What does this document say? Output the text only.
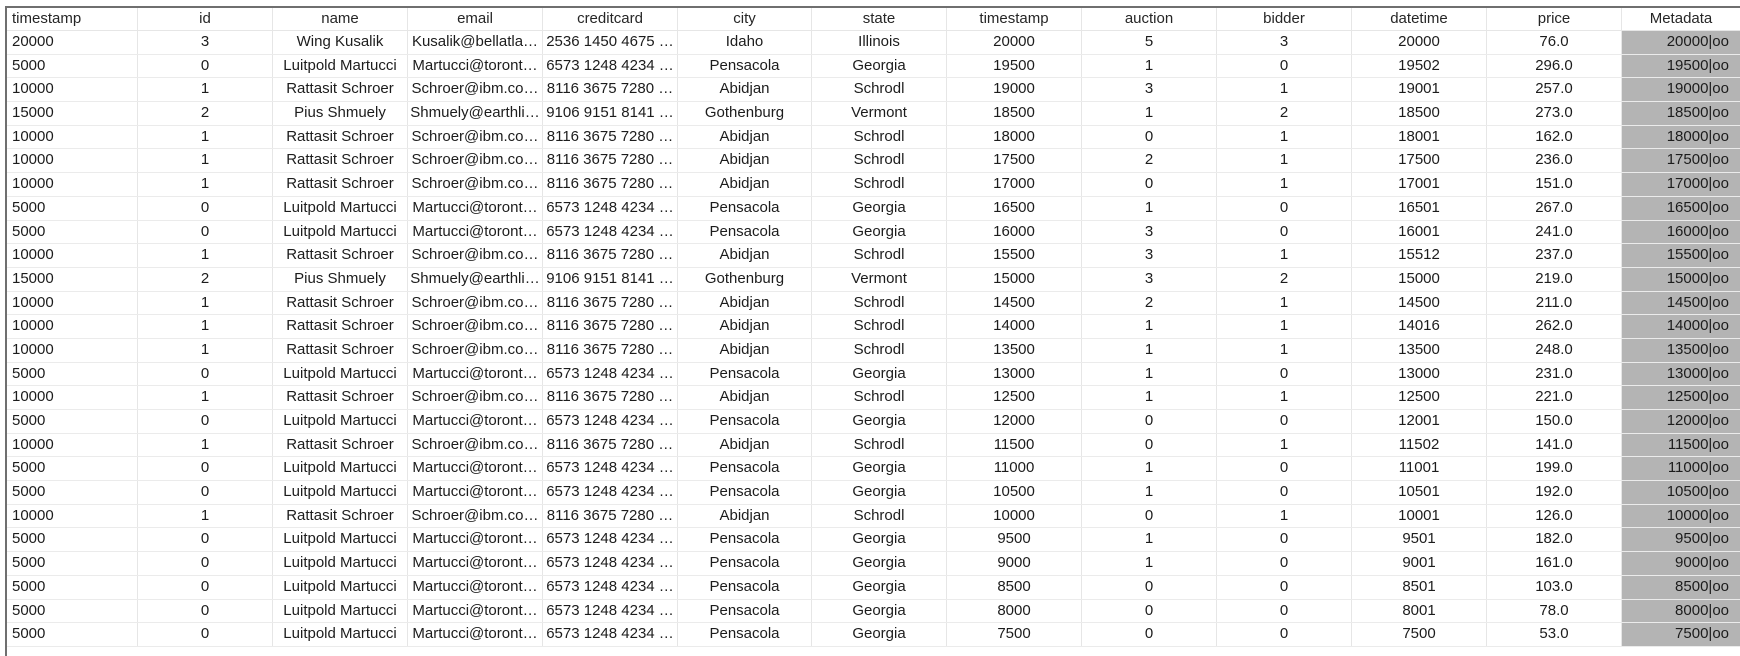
timestamp	id	name	email	creditcard	city	state	timestamp	auction	bidder	datetime	price	Metadata
20000	3	Wing Kusalik	Kusalik@bellatla… 2536 1450 4675 …	Idaho	Illinois	20000	5	3	20000	76.0	20000|oo
5000	0	Luitpold Martucci	Martucci@toront… 6573 1248 4234 …	Pensacola	Georgia	19500	1	0	19502	296.0	19500|oo
10000	1	Rattasit Schroer	Schroer@ibm.co… 8116 3675 7280 …	Abidjan	Schrodl	19000	3	1	19001	257.0	19000|oo
15000	2	Pius Shmuely	Shmuely@earthli… 9106 9151 8141 …	Gothenburg	Vermont	18500	1	2	18500	273.0	18500|oo
10000	1	Rattasit Schroer	Schroer@ibm.co… 8116 3675 7280 …	Abidjan	Schrodl	18000	0	1	18001	162.0	18000|oo
10000	1	Rattasit Schroer	Schroer@ibm.co… 8116 3675 7280 …	Abidjan	Schrodl	17500	2	1	17500	236.0	17500|oo
10000	1	Rattasit Schroer	Schroer@ibm.co… 8116 3675 7280 …	Abidjan	Schrodl	17000	0	1	17001	151.0	17000|oo
5000	0	Luitpold Martucci	Martucci@toront… 6573 1248 4234 …	Pensacola	Georgia	16500	1	0	16501	267.0	16500|oo
5000	0	Luitpold Martucci	Martucci@toront… 6573 1248 4234 …	Pensacola	Georgia	16000	3	0	16001	241.0	16000|oo
10000	1	Rattasit Schroer	Schroer@ibm.co… 8116 3675 7280 …	Abidjan	Schrodl	15500	3	1	15512	237.0	15500|oo
15000	2	Pius Shmuely	Shmuely@earthli… 9106 9151 8141 …	Gothenburg	Vermont	15000	3	2	15000	219.0	15000|oo
10000	1	Rattasit Schroer	Schroer@ibm.co… 8116 3675 7280 …	Abidjan	Schrodl	14500	2	1	14500	211.0	14500|oo
10000	1	Rattasit Schroer	Schroer@ibm.co… 8116 3675 7280 …	Abidjan	Schrodl	14000	1	1	14016	262.0	14000|oo
10000	1	Rattasit Schroer	Schroer@ibm.co… 8116 3675 7280 …	Abidjan	Schrodl	13500	1	1	13500	248.0	13500|oo
5000	0	Luitpold Martucci	Martucci@toront… 6573 1248 4234 …	Pensacola	Georgia	13000	1	0	13000	231.0	13000|oo
10000	1	Rattasit Schroer	Schroer@ibm.co… 8116 3675 7280 …	Abidjan	Schrodl	12500	1	1	12500	221.0	12500|oo
5000	0	Luitpold Martucci	Martucci@toront… 6573 1248 4234 …	Pensacola	Georgia	12000	0	0	12001	150.0	12000|oo
10000	1	Rattasit Schroer	Schroer@ibm.co… 8116 3675 7280 …	Abidjan	Schrodl	11500	0	1	11502	141.0	11500|oo
5000	0	Luitpold Martucci	Martucci@toront… 6573 1248 4234 …	Pensacola	Georgia	11000	1	0	11001	199.0	11000|oo
5000	0	Luitpold Martucci	Martucci@toront… 6573 1248 4234 …	Pensacola	Georgia	10500	1	0	10501	192.0	10500|oo
10000	1	Rattasit Schroer	Schroer@ibm.co… 8116 3675 7280 …	Abidjan	Schrodl	10000	0	1	10001	126.0	10000|oo
5000	0	Luitpold Martucci	Martucci@toront… 6573 1248 4234 …	Pensacola	Georgia	9500	1	0	9501	182.0	9500|oo
5000	0	Luitpold Martucci	Martucci@toront… 6573 1248 4234 …	Pensacola	Georgia	9000	1	0	9001	161.0	9000|oo
5000	0	Luitpold Martucci	Martucci@toront… 6573 1248 4234 …	Pensacola	Georgia	8500	0	0	8501	103.0	8500|oo
5000	0	Luitpold Martucci	Martucci@toront… 6573 1248 4234 …	Pensacola	Georgia	8000	0	0	8001	78.0	8000|oo
5000	0	Luitpold Martucci	Martucci@toront… 6573 1248 4234 …	Pensacola	Georgia	7500	0	0	7500	53.0	7500|oo
